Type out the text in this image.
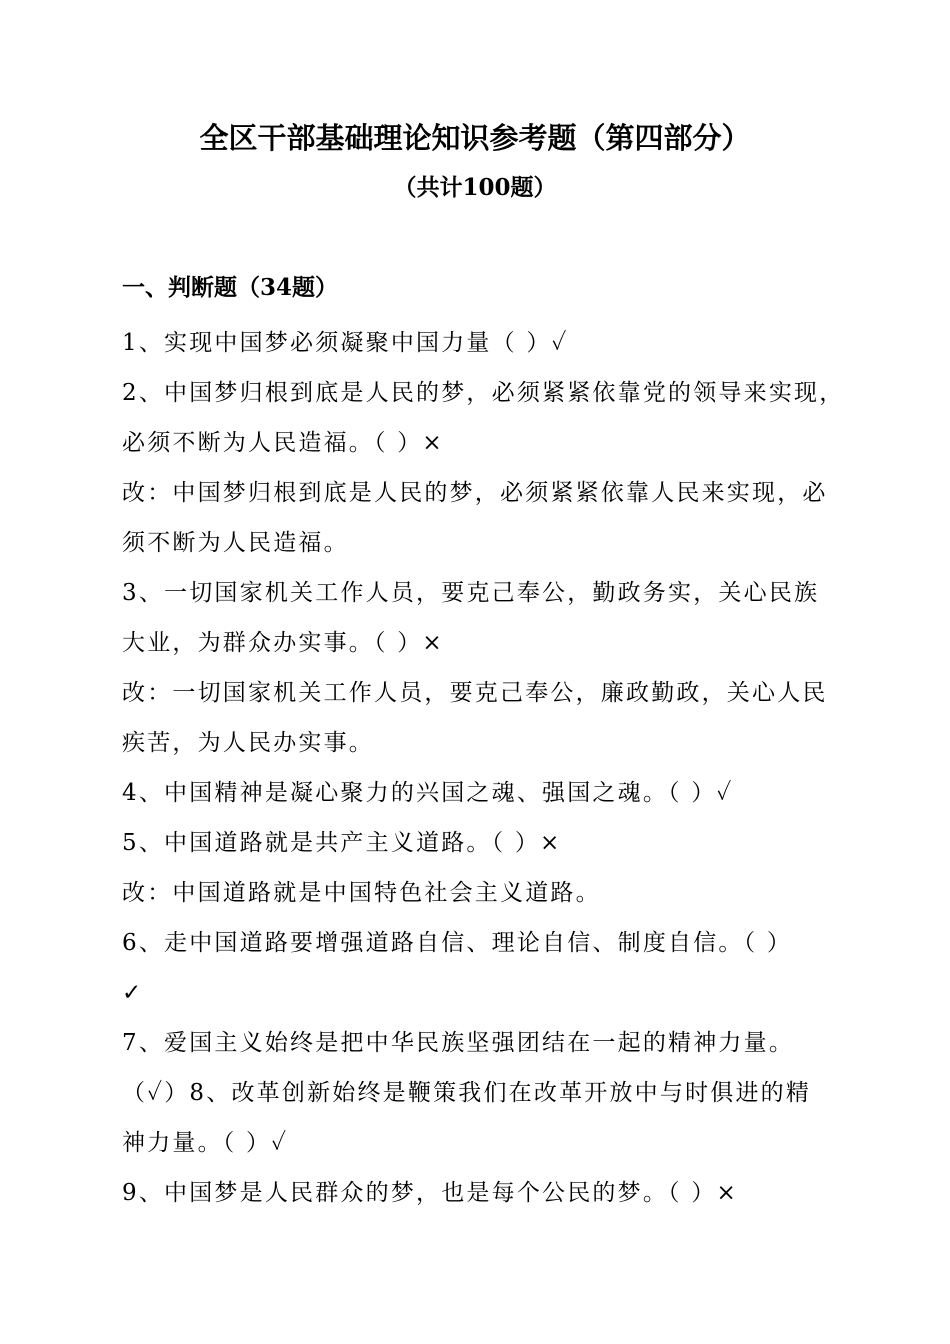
全区干部基础理论知识参考题（第四部分）
（共计100题）
一、判断题（34题）

1、实现中国梦必须凝聚中国力量（ ）✓

2、中国梦归根到底是人民的梦，必须紧紧依靠党的领导来实现，

必须不断为人民造福。（ ）×

改：中国梦归根到底是人民的梦，必须紧紧依靠人民来实现，必

须不断为人民造福。

3、一切国家机关工作人员，要克己奉公，勤政务实，关心民族

大业，为群众办实事。（ ）×

改：一切国家机关工作人员，要克己奉公，廉政勤政，关心人民

疾苦，为人民办实事。

4、中国精神是凝心聚力的兴国之魂、强国之魂。（ ）✓

5、中国道路就是共产主义道路。（ ）×

改：中国道路就是中国特色社会主义道路。

6、走中国道路要增强道路自信、理论自信、制度自信。（ ）

✓

7、爱国主义始终是把中华民族坚强团结在一起的精神力量。

（✓）8、改革创新始终是鞭策我们在改革开放中与时俱进的精

神力量。（ ）✓

9、中国梦是人民群众的梦，也是每个公民的梦。（ ）×
